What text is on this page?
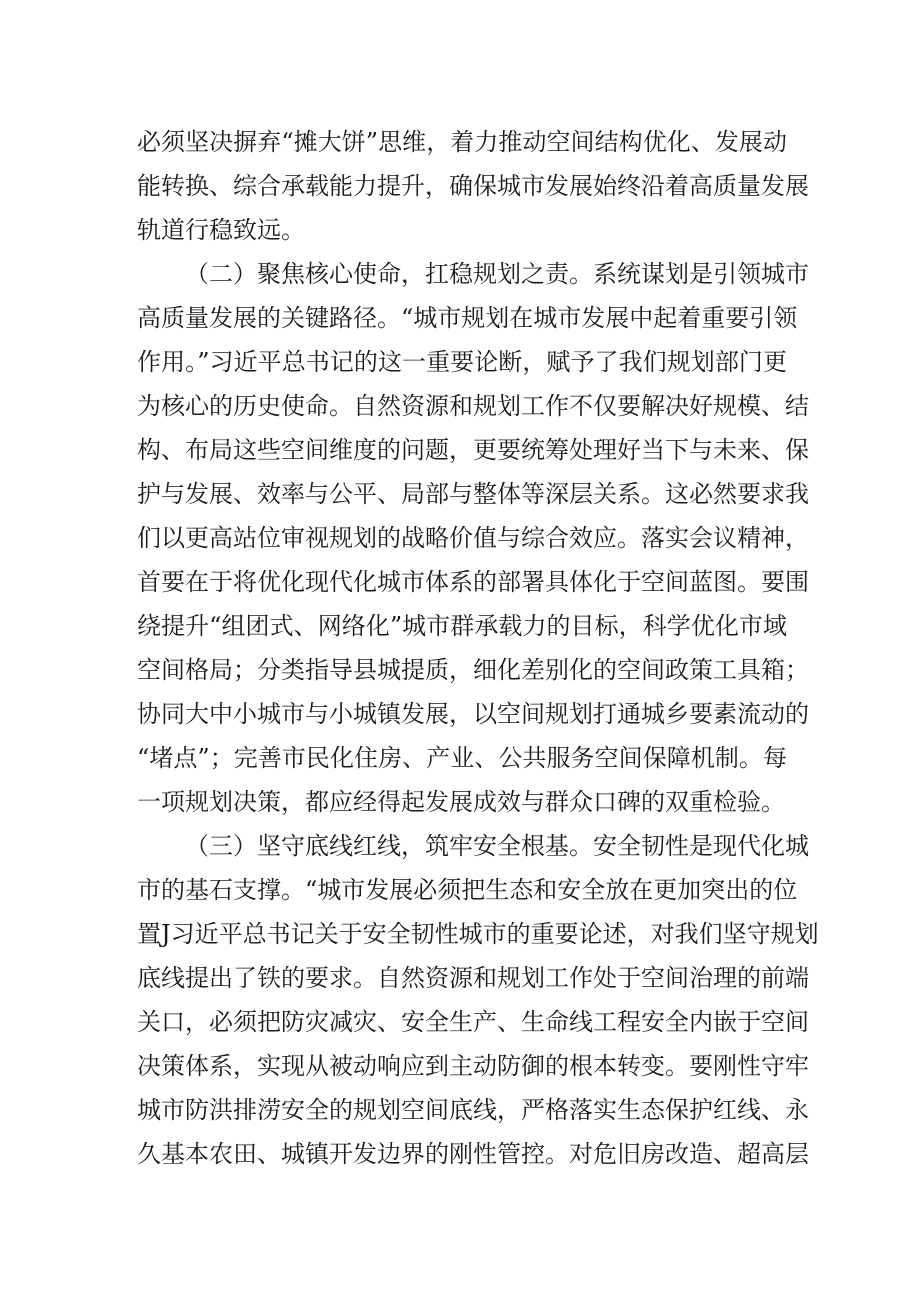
必须坚决摒弃“摊大饼”思维，着力推动空间结构优化、发展动
能转换、综合承载能力提升，确保城市发展始终沿着高质量发展
轨道行稳致远。
（二）聚焦核心使命，扛稳规划之责。系统谋划是引领城市
高质量发展的关键路径。“城市规划在城市发展中起着重要引领
作用。”习近平总书记的这一重要论断，赋予了我们规划部门更
为核心的历史使命。自然资源和规划工作不仅要解决好规模、结
构、布局这些空间维度的问题，更要统筹处理好当下与未来、保
护与发展、效率与公平、局部与整体等深层关系。这必然要求我
们以更高站位审视规划的战略价值与综合效应。落实会议精神，
首要在于将优化现代化城市体系的部署具体化于空间蓝图。要围
绕提升“组团式、网络化”城市群承载力的目标，科学优化市域
空间格局；分类指导县城提质，细化差别化的空间政策工具箱；
协同大中小城市与小城镇发展，以空间规划打通城乡要素流动的
“堵点”；完善市民化住房、产业、公共服务空间保障机制。每
一项规划决策，都应经得起发展成效与群众口碑的双重检验。
（三）坚守底线红线，筑牢安全根基。安全韧性是现代化城
市的基石支撑。“城市发展必须把生态和安全放在更加突出的位
置J习近平总书记关于安全韧性城市的重要论述，对我们坚守规划
底线提出了铁的要求。自然资源和规划工作处于空间治理的前端
关口，必须把防灾减灾、安全生产、生命线工程安全内嵌于空间
决策体系，实现从被动响应到主动防御的根本转变。要刚性守牢
城市防洪排涝安全的规划空间底线，严格落实生态保护红线、永
久基本农田、城镇开发边界的刚性管控。对危旧房改造、超高层
